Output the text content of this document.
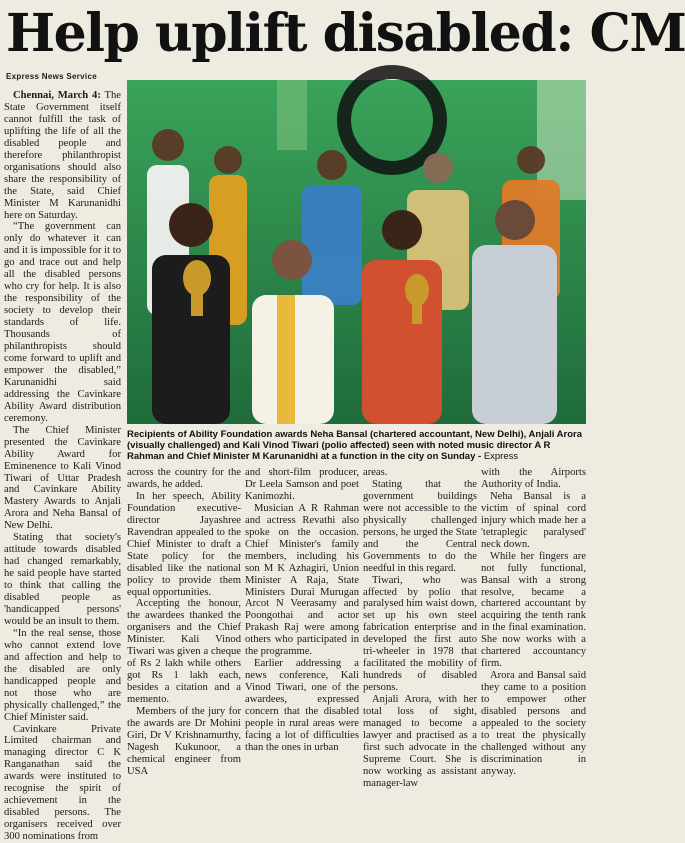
Help uplift disabled: CM
Express News Service

Chennai, March 4: The State Government itself cannot fulfill the task of uplifting the life of all the disabled people and therefore philanthropist organisations should also share the responsibility of the State, said Chief Minister M Karunanidhi here on Saturday.

“The government can only do whatever it can and it is impossible for it to go and trace out and help all the disabled persons who cry for help. It is also the responsibility of the society to develop their standards of life. Thousands of philanthropists should come forward to uplift and empower the disabled,” Karunanidhi said addressing the Cavinkare Ability Award distribution ceremony.

The Chief Minister presented the Cavinkare Ability Award for Eminenence to Kali Vinod Tiwari of Uttar Pradesh and Cavinkare Ability Mastery Awards to Anjali Arora and Neha Bansal of New Delhi.

Stating that society's attitude towards disabled had changed remarkably, he said people have started to think that calling the disabled people as 'handicapped persons' would be an insult to them.

“In the real sense, those who cannot extend love and affection and help to the disabled are only handicapped people and not those who are physically challenged,” the Chief Minister said.

Cavinkare Private Limited chairman and managing director C K Ranganathan said the awards were instituted to recognise the spirit of achievement in the disabled persons. The organisers received over 300 nominations from

Recipients of Ability Foundation awards Neha Bansal (chartered accountant, New Delhi), Anjali Arora (visually challenged) and Kali Vinod Tiwari (polio affected) seen with noted music director A R Rahman and Chief Minister M Karunanidhi at a function in the city on Sunday - Express

across the country for the awards, he added.

In her speech, Ability Foundation executive-director Jayashree Ravendran appealed to the Chief Minister to draft a State policy for the disabled like the national policy to provide them equal opportunities.

Accepting the honour, the awardees thanked the organisers and the Chief Minister. Kali Vinod Tiwari was given a cheque of Rs 2 lakh while others got Rs 1 lakh each, besides a citation and a memento.

Members of the jury for the awards are Dr Mohini Giri, Dr V Krishnamurthy, Nagesh Kukunoor, a chemical engineer from USA

and short-film producer, Dr Leela Samson and poet Kanimozhi.

Musician A R Rahman and actress Revathi also spoke on the occasion. Chief Minister's family members, including his son M K Azhagiri, Union Minister A Raja, State Ministers Durai Murugan Arcot N Veerasamy and Poongothai and actor Prakash Raj were among others who participated in the programme.

Earlier addressing a news conference, Kali Vinod Tiwari, one of the awardees, expressed concern that the disabled people in rural areas were facing a lot of difficulties than the ones in urban

areas.

Stating that the government buildings were not accessible to the physically challenged persons, he urged the State and the Central Governments to do the needful in this regard.

Tiwari, who was affected by polio that paralysed him waist down, set up his own steel fabrication enterprise and developed the first auto tri-wheeler in 1978 that facilitated the mobility of hundreds of disabled persons.

Anjali Arora, with her total loss of sight, managed to become a lawyer and practised as a first such advocate in the Supreme Court. She is now working as assistant manager-law

with the Airports Authority of India.

Neha Bansal is a victim of spinal cord injury which made her a 'tetraplegic paralysed' neck down.

While her fingers are not fully functional, Bansal with a strong resolve, became a chartered accountant by acquiring the tenth rank in the final examination. She now works with a chartered accountancy firm.

Arora and Bansal said they came to a position to empower other disabled persons and appealed to the society to treat the physically challenged without any discrimination in anyway.
